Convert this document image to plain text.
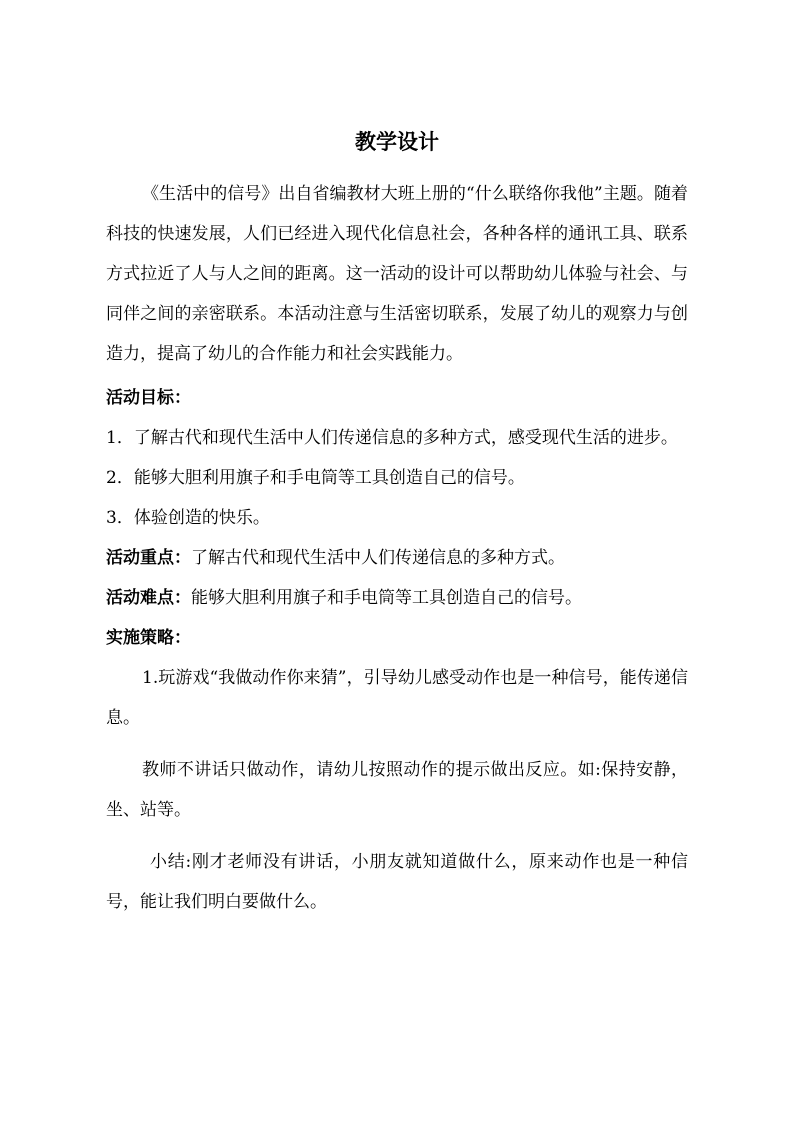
教学设计

《生活中的信号》出自省编教材大班上册的“什么联络你我他”主题。随着科技的快速发展，人们已经进入现代化信息社会，各种各样的通讯工具、联系方式拉近了人与人之间的距离。这一活动的设计可以帮助幼儿体验与社会、与同伴之间的亲密联系。本活动注意与生活密切联系，发展了幼儿的观察力与创造力，提高了幼儿的合作能力和社会实践能力。

活动目标：

1．了解古代和现代生活中人们传递信息的多种方式，感受现代生活的进步。

2．能够大胆利用旗子和手电筒等工具创造自己的信号。

3．体验创造的快乐。

活动重点：了解古代和现代生活中人们传递信息的多种方式。

活动难点：能够大胆利用旗子和手电筒等工具创造自己的信号。

实施策略：

1.玩游戏“我做动作你来猜”，引导幼儿感受动作也是一种信号，能传递信息。

教师不讲话只做动作，请幼儿按照动作的提示做出反应。如:保持安静，坐、站等。

小结:刚才老师没有讲话，小朋友就知道做什么，原来动作也是一种信号，能让我们明白要做什么。
